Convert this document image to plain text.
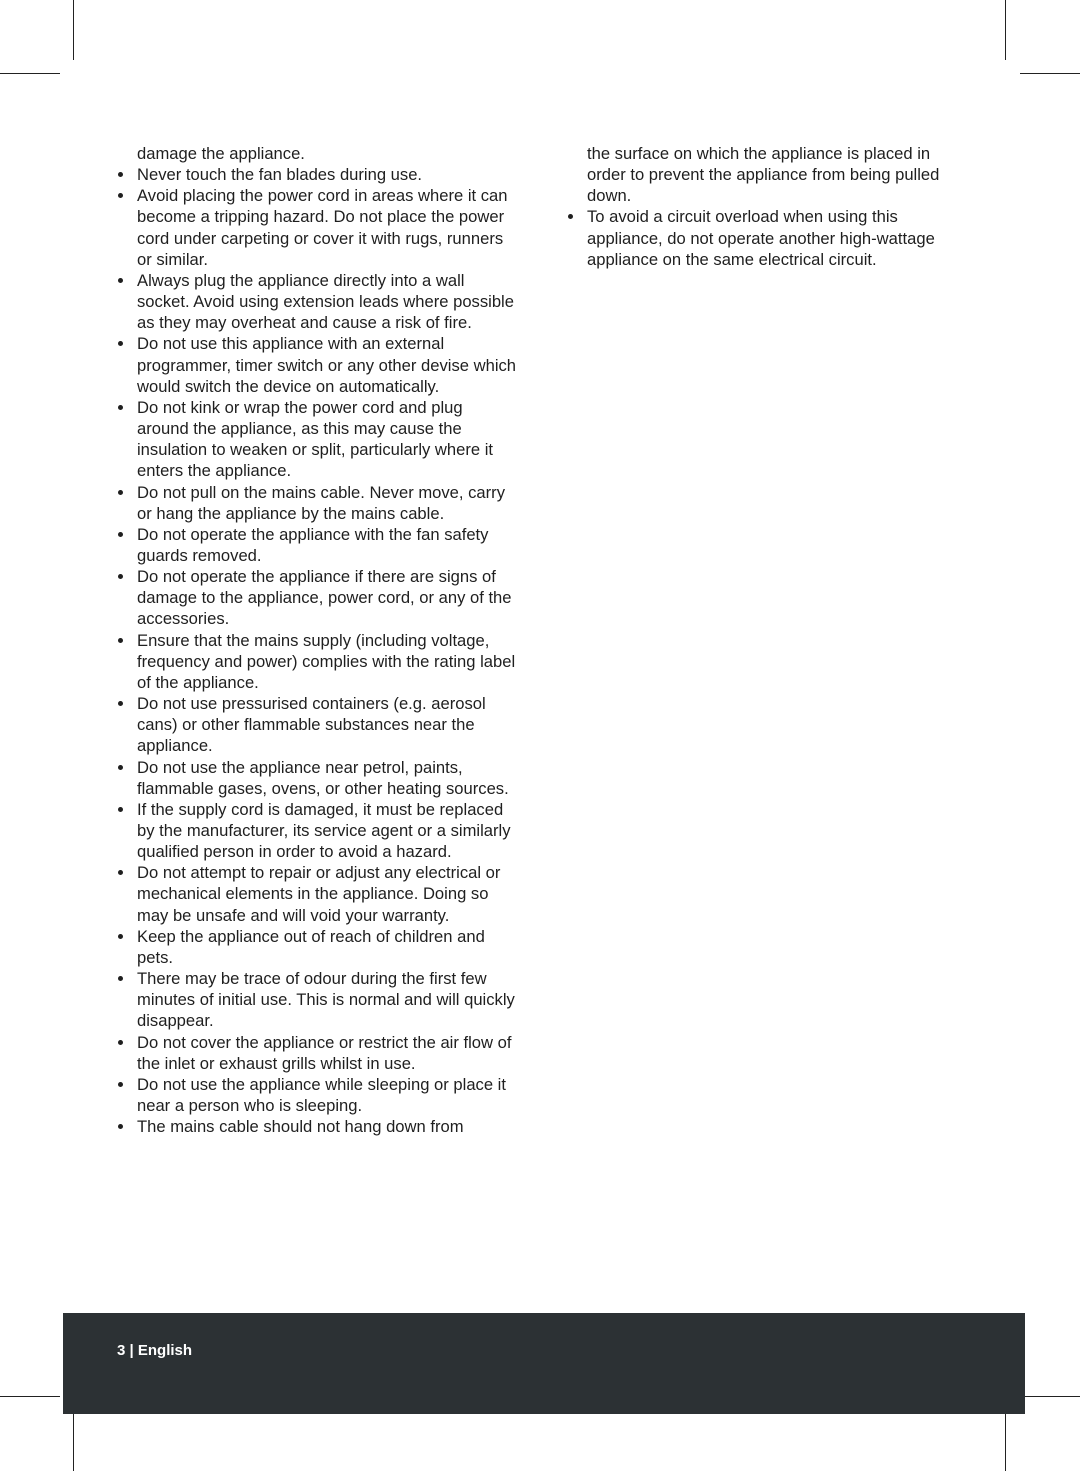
damage the appliance.
Never touch the fan blades during use.
Avoid placing the power cord in areas where it can become a tripping hazard. Do not place the power cord under carpeting or cover it with rugs, runners or similar.
Always plug the appliance directly into a wall socket. Avoid using extension leads where possible as they may overheat and cause a risk of fire.
Do not use this appliance with an external programmer, timer switch or any other devise which would switch the device on automatically.
Do not kink or wrap the power cord and plug around the appliance, as this may cause the insulation to weaken or split, particularly where it enters the appliance.
Do not pull on the mains cable. Never move, carry or hang the appliance by the mains cable.
Do not operate the appliance with the fan safety guards removed.
Do not operate the appliance if there are signs of damage to the appliance, power cord, or any of the accessories.
Ensure that the mains supply (including voltage, frequency and power) complies with the rating label of the appliance.
Do not use pressurised containers (e.g. aerosol cans) or other flammable substances near the appliance.
Do not use the appliance near petrol, paints, flammable gases, ovens, or other heating sources.
If the supply cord is damaged, it must be replaced by the manufacturer, its service agent or a similarly qualified person in order to avoid a hazard.
Do not attempt to repair or adjust any electrical or mechanical elements in the appliance. Doing so may be unsafe and will void your warranty.
Keep the appliance out of reach of children and pets.
There may be trace of odour during the first few minutes of initial use. This is normal and will quickly disappear.
Do not cover the appliance or restrict the air flow of the inlet or exhaust grills whilst in use.
Do not use the appliance while sleeping or place it near a person who is sleeping.
The mains cable should not hang down from
the surface on which the appliance is placed in order to prevent the appliance from being pulled down.
To avoid a circuit overload when using this appliance, do not operate another high-wattage appliance on the same electrical circuit.
3 | English
